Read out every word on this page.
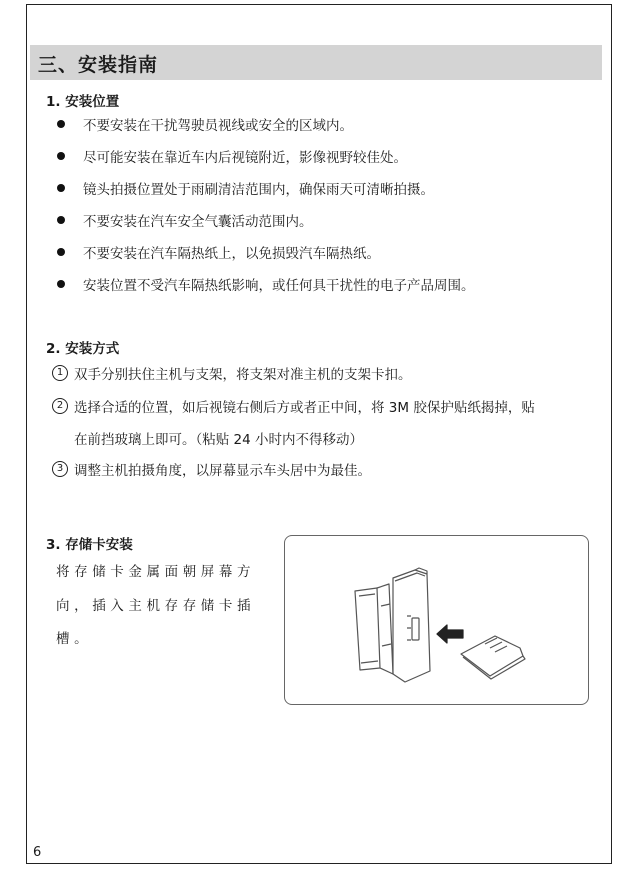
三、安装指南
1. 安装位置
不要安装在干扰驾驶员视线或安全的区域内。
尽可能安装在靠近车内后视镜附近，影像视野较佳处。
镜头拍摄位置处于雨刷清洁范围内，确保雨天可清晰拍摄。
不要安装在汽车安全气囊活动范围内。
不要安装在汽车隔热纸上，以免损毁汽车隔热纸。
安装位置不受汽车隔热纸影响，或任何具干扰性的电子产品周围。
2. 安装方式
1 双手分别扶住主机与支架，将支架对准主机的支架卡扣。
2 选择合适的位置，如后视镜右侧后方或者正中间，将 3M 胶保护贴纸揭掉，贴
在前挡玻璃上即可。（粘贴 24 小时内不得移动）
3 调整主机拍摄角度，以屏幕显示车头居中为最佳。
3. 存储卡安装
将存储卡金属面朝屏幕方
向，插入主机存存储卡插
槽。
6
